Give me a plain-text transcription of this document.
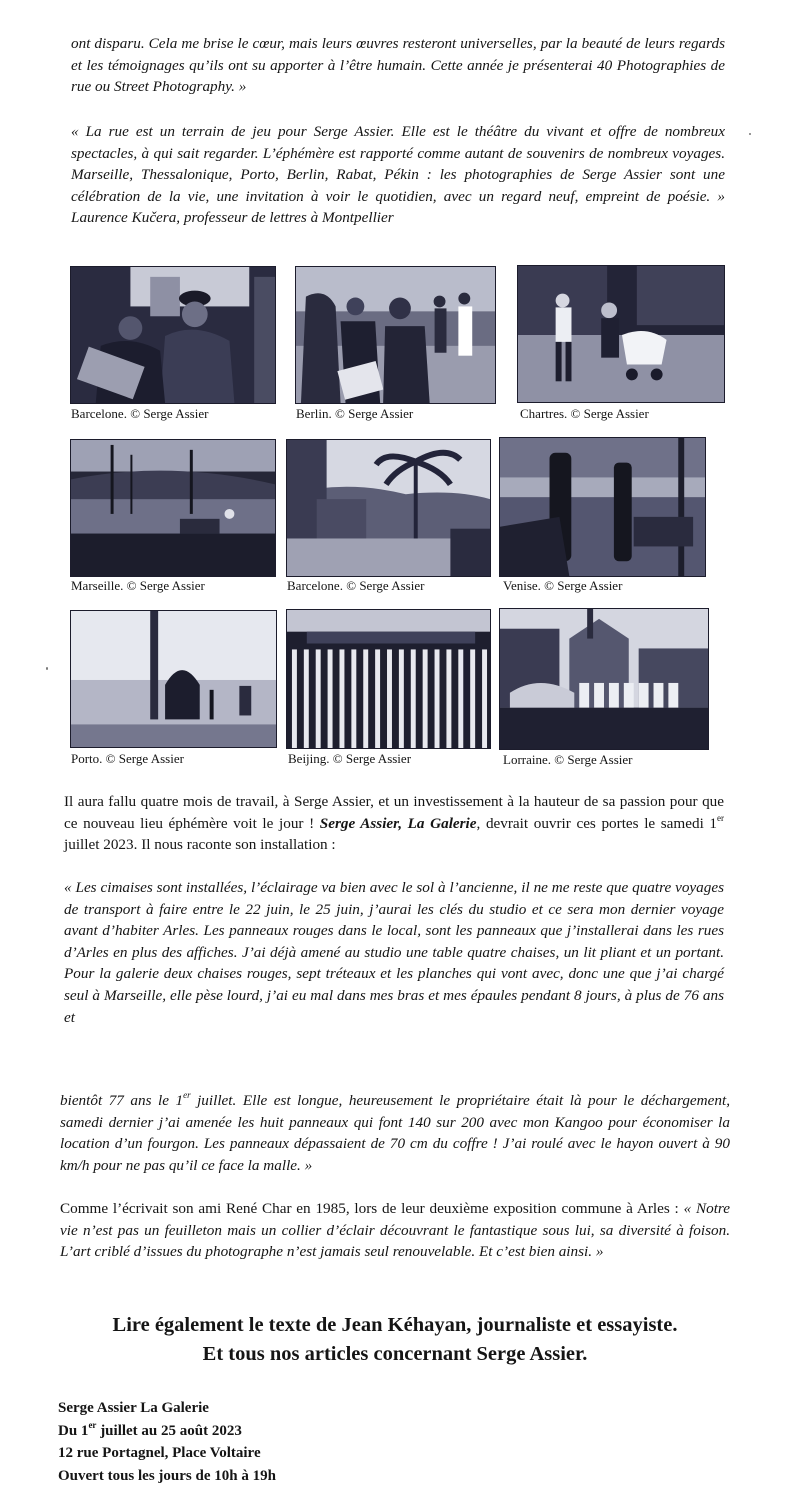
ont disparu. Cela me brise le cœur, mais leurs œuvres resteront universelles, par la beauté de leurs regards et les témoignages qu’ils ont su apporter à l’être humain. Cette année je présenterai 40 Photographies de rue ou Street Photography. »

« La rue est un terrain de jeu pour Serge Assier. Elle est le théâtre du vivant et offre de nombreux spectacles, à qui sait regarder. L’éphémère est rapporté comme autant de souvenirs de nombreux voyages. Marseille, Thessalonique, Porto, Berlin, Rabat, Pékin : les photographies de Serge Assier sont une célébration de la vie, une invitation à voir le quotidien, avec un regard neuf, empreint de poésie. » Laurence Kučera, professeur de lettres à Montpellier

Barcelone. © Serge Assier	Berlin. © Serge Assier	Chartres. © Serge Assier

Marseille. © Serge Assier	Barcelone. © Serge Assier	Venise. © Serge Assier

Porto. © Serge Assier	Beijing. © Serge Assier	Lorraine. © Serge Assier

Il aura fallu quatre mois de travail, à Serge Assier, et un investissement à la hauteur de sa passion pour que ce nouveau lieu éphémère voit le jour ! Serge Assier, La Galerie, devrait ouvrir ces portes le samedi 1er juillet 2023. Il nous raconte son installation :

« Les cimaises sont installées, l’éclairage va bien avec le sol à l’ancienne, il ne me reste que quatre voyages de transport à faire entre le 22 juin, le 25 juin, j’aurai les clés du studio et ce sera mon dernier voyage avant d’habiter Arles. Les panneaux rouges dans le local, sont les panneaux que j’installerai dans les rues d’Arles en plus des affiches. J’ai déjà amené au studio une table quatre chaises, un lit pliant et un portant. Pour la galerie deux chaises rouges, sept tréteaux et les planches qui vont avec, donc une que j’ai chargé seul à Marseille, elle pèse lourd, j’ai eu mal dans mes bras et mes épaules pendant 8 jours, à plus de 76 ans et

bientôt 77 ans le 1er juillet. Elle est longue, heureusement le propriétaire était là pour le déchargement, samedi dernier j’ai amenée les huit panneaux qui font 140 sur 200 avec mon Kangoo pour économiser la location d’un fourgon. Les panneaux dépassaient de 70 cm du coffre ! J’ai roulé avec le hayon ouvert à 90 km/h pour ne pas qu’il ce face la malle. »

Comme l’écrivait son ami René Char en 1985, lors de leur deuxième exposition commune à Arles : « Notre vie n’est pas un feuilleton mais un collier d’éclair découvrant le fantastique sous lui, sa diversité à foison. L’art criblé d’issues du photographe n’est jamais seul renouvelable. Et c’est bien ainsi. »

Lire également le texte de Jean Kéhayan, journaliste et essayiste.

Et tous nos articles concernant Serge Assier.

Serge Assier La Galerie
Du 1er juillet au 25 août 2023
12 rue Portagnel, Place Voltaire
Ouvert tous les jours de 10h à 19h
